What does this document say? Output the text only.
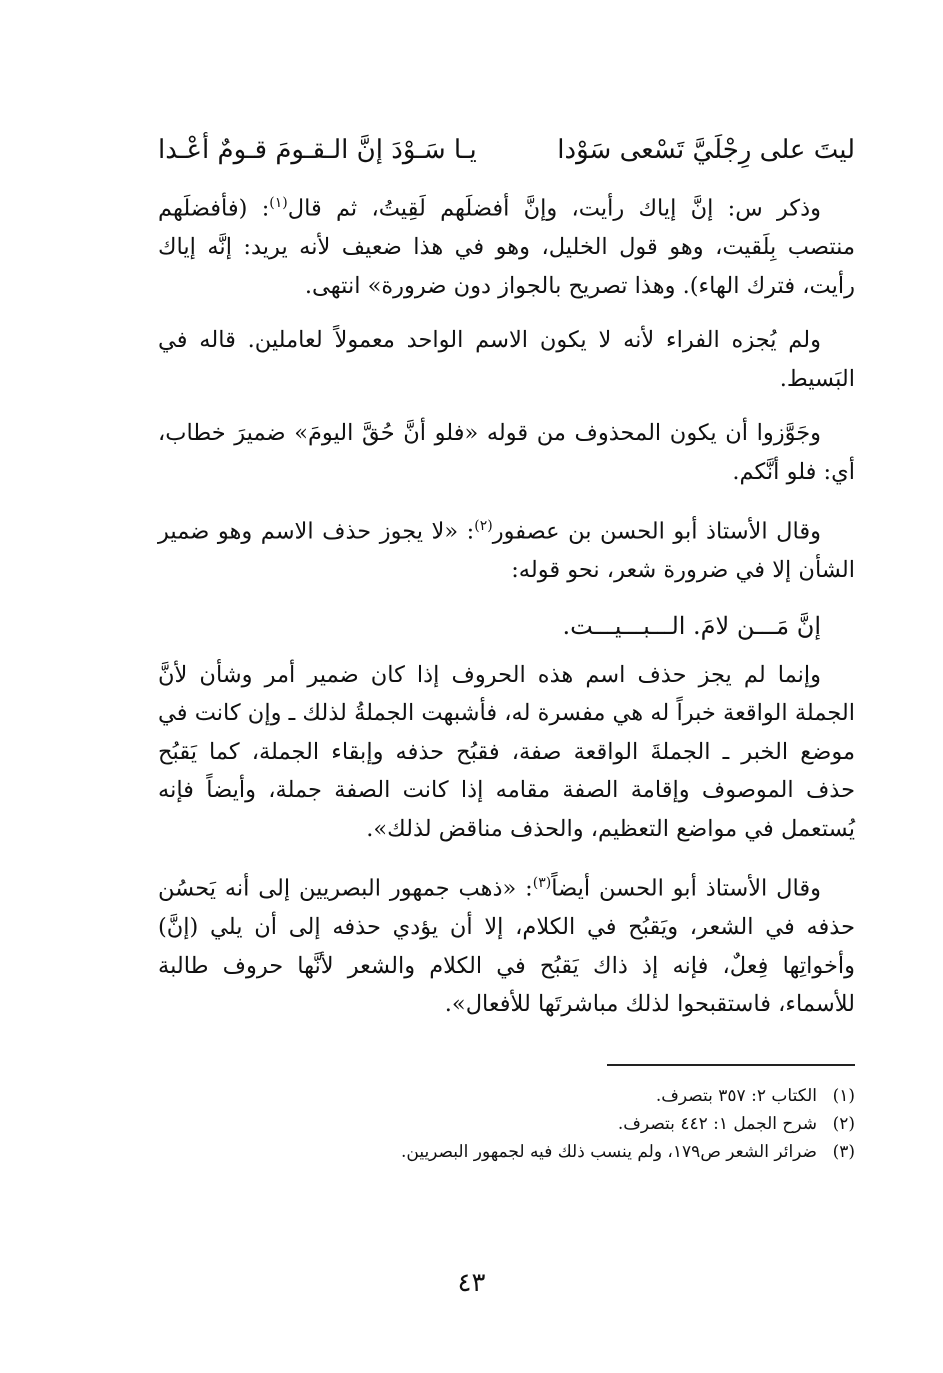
ليتَ على رِجْلَيَّ تَسْعى سَوْدا
يـا سَـوْدَ إنَّ الـقـومَ قـومٌ أعْـدا

وذكر س: إنَّ إياك رأيت، وإنَّ أفضلَهم لَقِيتُ، ثم قال$^{(١)}$: (فأفضلَهم منتصب بِلَقيت، وهو قول الخليل، وهو في هذا ضعيف لأنه يريد: إنَّه إياك رأيت، فترك الهاء). وهذا تصريح بالجواز دون ضرورة» انتهى.

ولم يُجزه الفراء لأنه لا يكون الاسم الواحد معمولاً لعاملين. قاله في البَسيط.

وجَوَّزوا أن يكون المحذوف من قوله «فلو أنَّ حُقَّ اليومَ» ضميرَ خطاب، أي: فلو أنَّكم.

وقال الأستاذ أبو الحسن بن عصفور$^{(٢)}$: «لا يجوز حذف الاسم وهو ضمير الشأن إلا في ضرورة شعر، نحو قوله:

إنَّ مَـــن لامَ. الـــبـــيـــت.

وإنما لم يجز حذف اسم هذه الحروف إذا كان ضمير أمر وشأن لأنَّ الجملة الواقعة خبراً له هي مفسرة له، فأشبهت الجملةُ لذلك ـ وإن كانت في موضع الخبر ـ الجملةَ الواقعة صفة، فقبُح حذفه وإبقاء الجملة، كما يَقبُح حذف الموصوف وإقامة الصفة مقامه إذا كانت الصفة جملة، وأيضاً فإنه يُستعمل في مواضع التعظيم، والحذف مناقض لذلك».

وقال الأستاذ أبو الحسن أيضاً$^{(٣)}$: «ذهب جمهور البصريين إلى أنه يَحسُن حذفه في الشعر، ويَقبُح في الكلام، إلا أن يؤدي حذفه إلى أن يلي (إنَّ) وأخواتِها فِعلٌ، فإنه إذ ذاك يَقبُح في الكلام والشعر لأنَّها حروف طالبة للأسماء، فاستقبحوا لذلك مباشرتَها للأفعال».

(١)
الكتاب ٢: ٣٥٧ بتصرف.
(٢)
شرح الجمل ١: ٤٤٢ بتصرف.
(٣)
ضرائر الشعر ص١٧٩، ولم ينسب ذلك فيه لجمهور البصريين.
٤٣
